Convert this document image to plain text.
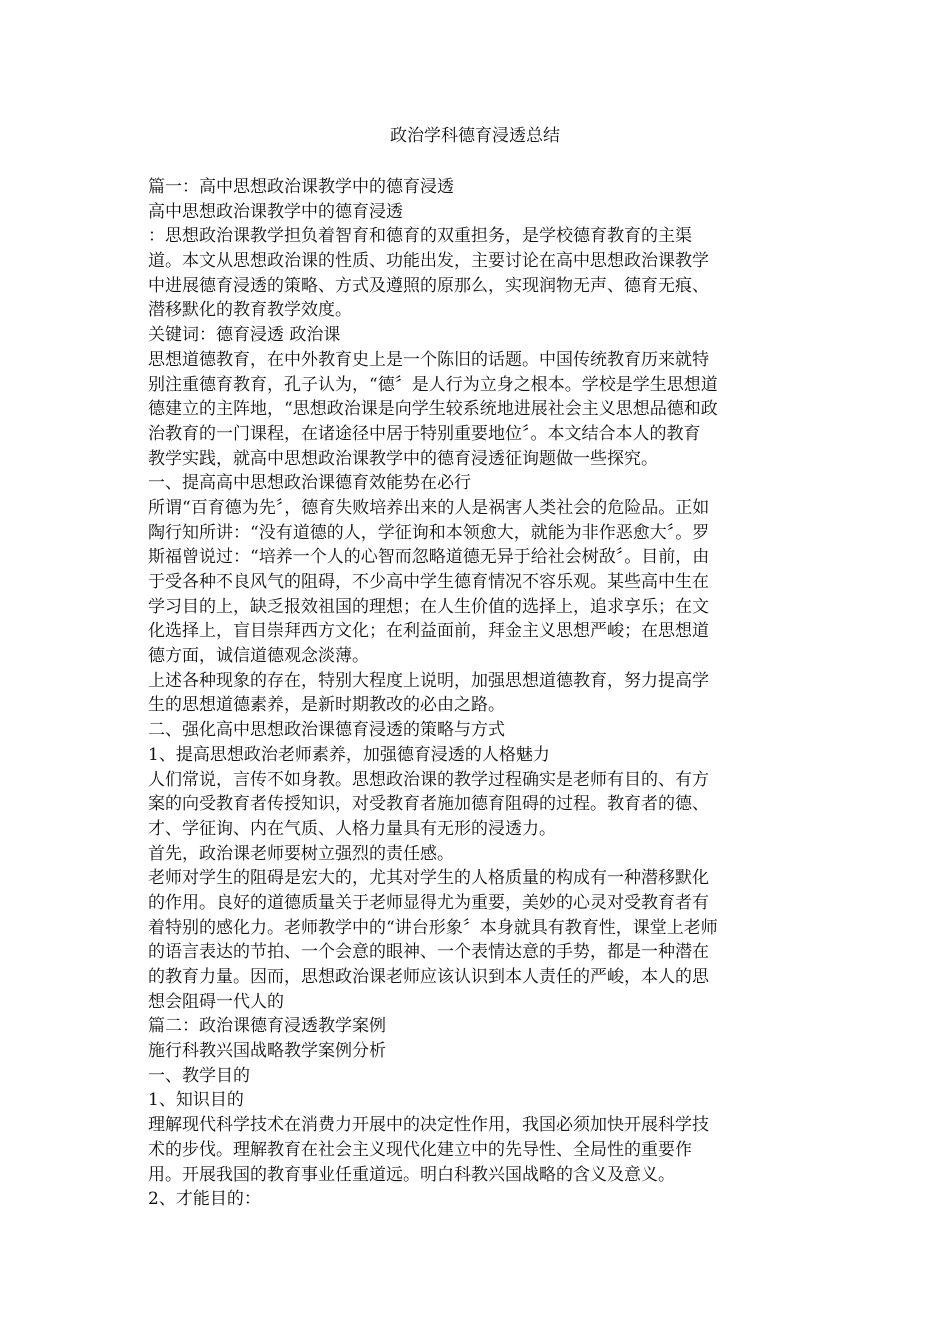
政治学科德育浸透总结
篇一：高中思想政治课教学中的德育浸透
高中思想政治课教学中的德育浸透
：思想政治课教学担负着智育和德育的双重担务，是学校德育教育的主渠
道。本文从思想政治课的性质、功能出发，主要讨论在高中思想政治课教学
中进展德育浸透的策略、方式及遵照的原那么，实现润物无声、德育无痕、
潜移默化的教育教学效度。
关键词：德育浸透 政治课
思想道德教育，在中外教育史上是一个陈旧的话题。中国传统教育历来就特
别注重德育教育，孔子认为，“德〞是人行为立身之根本。学校是学生思想道
德建立的主阵地，“思想政治课是向学生较系统地进展社会主义思想品德和政
治教育的一门课程，在诸途径中居于特别重要地位〞。本文结合本人的教育
教学实践，就高中思想政治课教学中的德育浸透征询题做一些探究。
一、提高高中思想政治课德育效能势在必行
所谓“百育德为先〞，德育失败培养出来的人是祸害人类社会的危险品。正如
陶行知所讲：“没有道德的人，学征询和本领愈大，就能为非作恶愈大〞。罗
斯福曾说过：“培养一个人的心智而忽略道德无异于给社会树敌〞。目前，由
于受各种不良风气的阻碍，不少高中学生德育情况不容乐观。某些高中生在
学习目的上，缺乏报效祖国的理想；在人生价值的选择上，追求享乐；在文
化选择上，盲目崇拜西方文化；在利益面前，拜金主义思想严峻；在思想道
德方面，诚信道德观念淡薄。
上述各种现象的存在，特别大程度上说明，加强思想道德教育，努力提高学
生的思想道德素养，是新时期教改的必由之路。
二、强化高中思想政治课德育浸透的策略与方式
1、提高思想政治老师素养，加强德育浸透的人格魅力
人们常说，言传不如身教。思想政治课的教学过程确实是老师有目的、有方
案的向受教育者传授知识，对受教育者施加德育阻碍的过程。教育者的德、
才、学征询、内在气质、人格力量具有无形的浸透力。
首先，政治课老师要树立强烈的责任感。
老师对学生的阻碍是宏大的，尤其对学生的人格质量的构成有一种潜移默化
的作用。良好的道德质量关于老师显得尤为重要，美妙的心灵对受教育者有
着特别的感化力。老师教学中的“讲台形象〞本身就具有教育性，课堂上老师
的语言表达的节拍、一个会意的眼神、一个表情达意的手势，都是一种潜在
的教育力量。因而，思想政治课老师应该认识到本人责任的严峻，本人的思
想会阻碍一代人的
篇二：政治课德育浸透教学案例
施行科教兴国战略教学案例分析
一、教学目的
1、知识目的
理解现代科学技术在消费力开展中的决定性作用，我国必须加快开展科学技
术的步伐。理解教育在社会主义现代化建立中的先导性、全局性的重要作
用。开展我国的教育事业任重道远。明白科教兴国战略的含义及意义。
2、才能目的：
